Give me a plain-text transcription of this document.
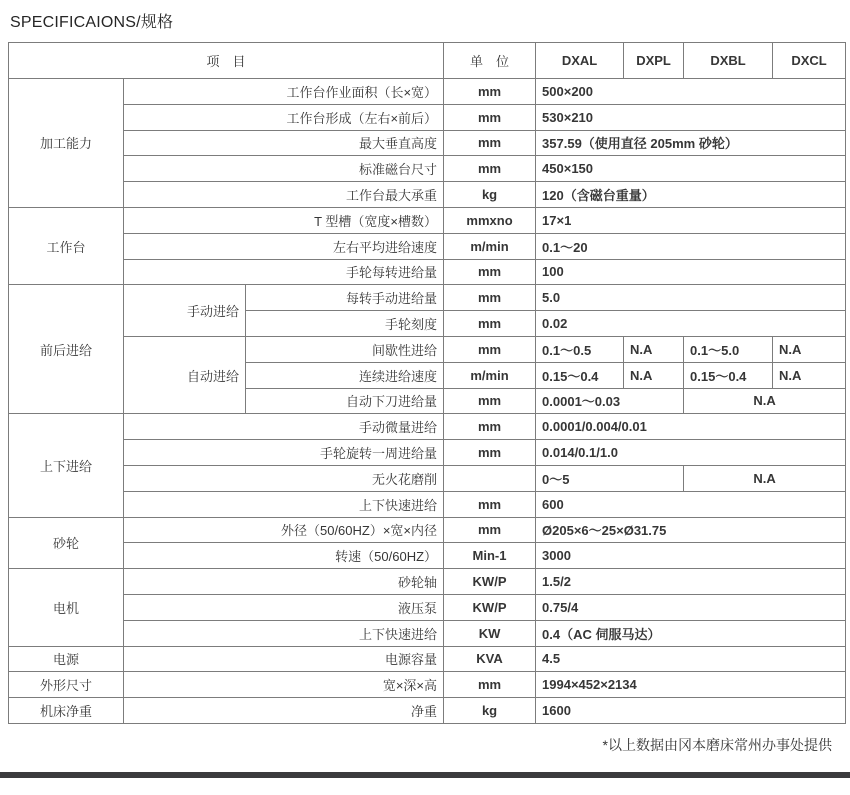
SPECIFICAIONS/规格
项　目			单　位	DXAL	DXPL	DXBL	DXCL
加工能力	工作台作业面积（长×宽）		mm	500×200			
	工作台形成（左右×前后）		mm	530×210			
	最大垂直高度		mm	357.59（使用直径 205mm 砂轮）			
	标准磁台尺寸		mm	450×150			
	工作台最大承重		kg	120（含磁台重量）			
工作台	T 型槽（宽度×槽数）		mmxno	17×1			
	左右平均进给速度		m/min	0.1～20			
	手轮每转进给量		mm	100			
前后进给	手动进给	每转手动进给量	mm	5.0			
		手轮刻度	mm	0.02			
	自动进给	间歇性进给	mm	0.1～0.5	N.A	0.1～5.0	N.A
		连续进给速度	m/min	0.15～0.4	N.A	0.15～0.4	N.A
		自动下刀进给量	mm	0.0001～0.03		N.A	
上下进给	手动微量进给		mm	0.0001/0.004/0.01			
	手轮旋转一周进给量		mm	0.014/0.1/1.0			
	无火花磨削			0～5		N.A	
	上下快速进给		mm	600			
砂轮	外径（50/60HZ）×宽×内径		mm	Ø205×6～25×Ø31.75			
	转速（50/60HZ）		Min-1	3000			
电机	砂轮轴		KW/P	1.5/2			
	液压泵		KW/P	0.75/4			
	上下快速进给		KW	0.4（AC 伺服马达）			
电源	电源容量		KVA	4.5			
外形尺寸	宽×深×高		mm	1994×452×2134			
机床净重	净重		kg	1600			
*以上数据由冈本磨床常州办事处提供
